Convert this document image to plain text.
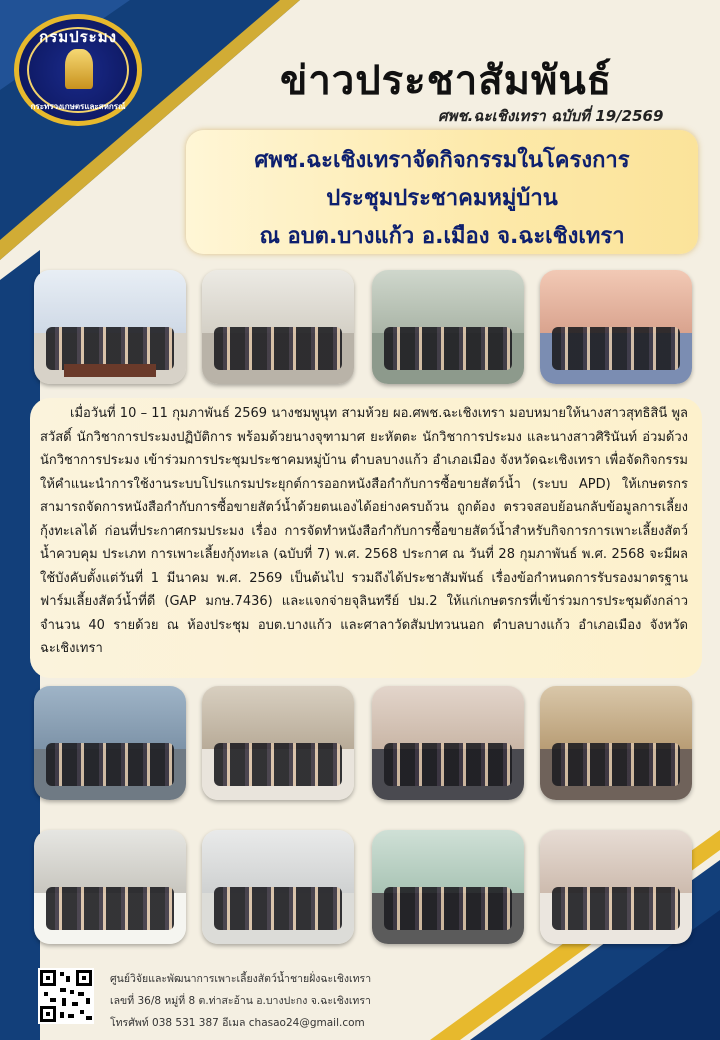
กรมประมง
กระทรวงเกษตรและสหกรณ์
ข่าวประชาสัมพันธ์
ศพช.ฉะเชิงเทรา ฉบับที่ 19/2569
ศพช.ฉะเชิงเทราจัดกิจกรรมในโครงการ
ประชุมประชาคมหมู่บ้าน
ณ อบต.บางแก้ว อ.เมือง จ.ฉะเชิงเทรา
เมื่อวันที่ 10 – 11 กุมภาพันธ์ 2569 นางชมพูนุท สามห้วย ผอ.ศพช.ฉะเชิงเทรา มอบหมายให้นางสาวสุทธิสินี พูลสวัสดิ์ นักวิชาการประมงปฏิบัติการ พร้อมด้วยนางจุฑามาศ ยะหัตตะ นักวิชาการประมง และนางสาวศิรินันท์ อ่วมด้วง นักวิชาการประมง เข้าร่วมการประชุมประชาคมหมู่บ้าน ตำบลบางแก้ว อำเภอเมือง จังหวัดฉะเชิงเทรา เพื่อจัดกิจกรรมให้คำแนะนำการใช้งานระบบโปรแกรมประยุกต์การออกหนังสือกำกับการซื้อขายสัตว์น้ำ (ระบบ APD) ให้เกษตรกรสามารถจัดการหนังสือกำกับการซื้อขายสัตว์น้ำด้วยตนเองได้อย่างครบถ้วน ถูกต้อง ตรวจสอบย้อนกลับข้อมูลการเลี้ยงกุ้งทะเลได้ ก่อนที่ประกาศกรมประมง เรื่อง การจัดทำหนังสือกำกับการซื้อขายสัตว์น้ำสำหรับกิจการการเพาะเลี้ยงสัตว์น้ำควบคุม ประเภท การเพาะเลี้ยงกุ้งทะเล (ฉบับที่ 7) พ.ศ. 2568 ประกาศ ณ วันที่ 28 กุมภาพันธ์ พ.ศ. 2568 จะมีผลใช้บังคับตั้งแต่วันที่ 1 มีนาคม พ.ศ. 2569 เป็นต้นไป รวมถึงได้ประชาสัมพันธ์ เรื่องข้อกำหนดการรับรองมาตรฐานฟาร์มเลี้ยงสัตว์น้ำที่ดี (GAP มกษ.7436) และแจกจ่ายจุลินทรีย์ ปม.2 ให้แก่เกษตรกรที่เข้าร่วมการประชุมดังกล่าว จำนวน 40 รายด้วย ณ ห้องประชุม อบต.บางแก้ว และศาลาวัดสัมปทวนนอก ตำบลบางแก้ว อำเภอเมือง จังหวัดฉะเชิงเทรา
ศูนย์วิจัยและพัฒนาการเพาะเลี้ยงสัตว์น้ำชายฝั่งฉะเชิงเทรา
เลขที่ 36/8 หมู่ที่ 8 ต.ท่าสะอ้าน อ.บางปะกง จ.ฉะเชิงเทรา
โทรศัพท์ 038 531 387 อีเมล chasao24@gmail.com
